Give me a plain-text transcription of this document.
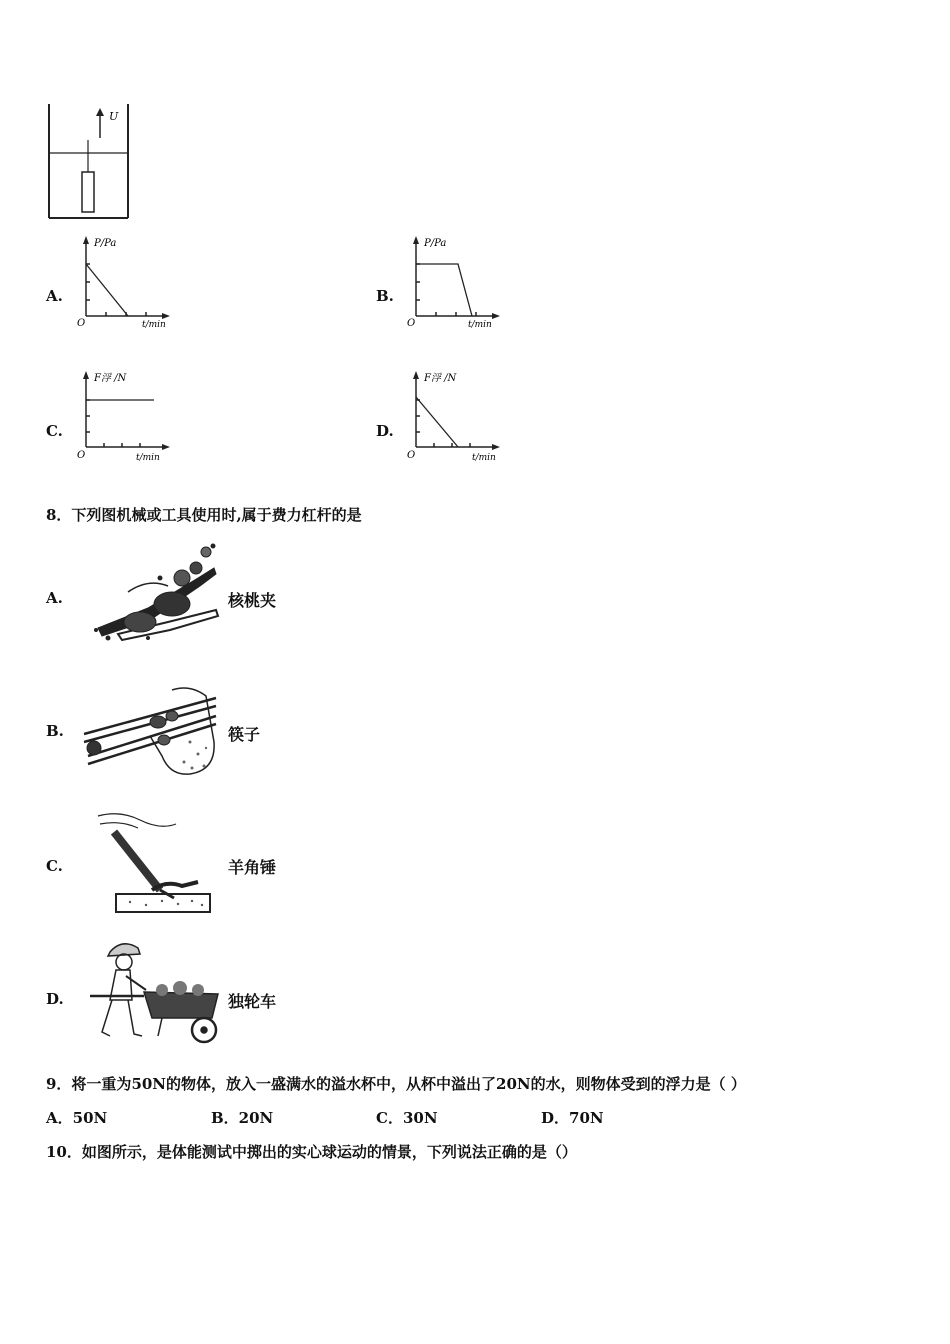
U
A.
P/Pa
O	t/min
B.
P/Pa
O	t/min
C.
F浮 /N
O	t/min
D.
F浮 /N
O	t/min
8．下列图机械或工具使用时,属于费力杠杆的是
A.	核桃夹
B.	筷子
C.	羊角锤
D.	独轮车
9．将一重为50N的物体，放入一盛满水的溢水杯中，从杯中溢出了20N的水，则物体受到的浮力是（ ）
A．50N	B．20N	C．30N	D．70N
10．如图所示，是体能测试中掷出的实心球运动的情景，下列说法正确的是（）
